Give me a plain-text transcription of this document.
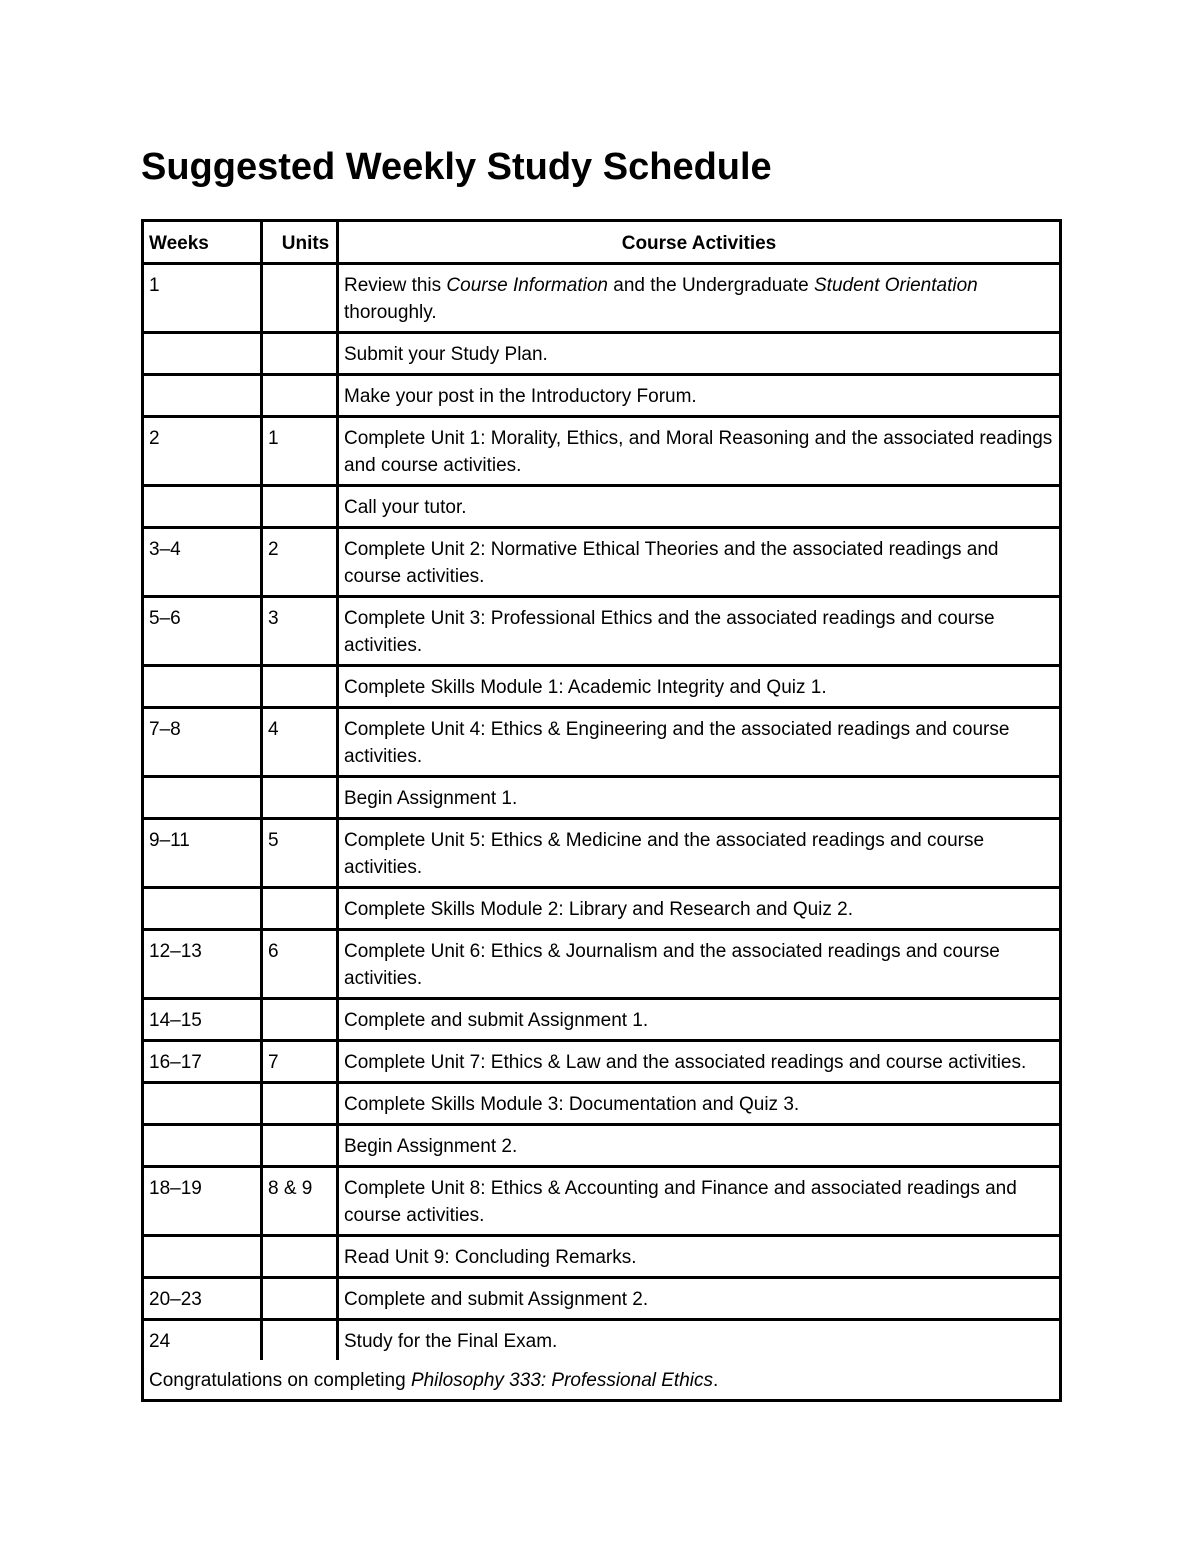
Suggested Weekly Study Schedule
Weeks	Units	Course Activities
1		Review this Course Information and the Undergraduate Student Orientation thoroughly.
		Submit your Study Plan.
		Make your post in the Introductory Forum.
2	1	Complete Unit 1: Morality, Ethics, and Moral Reasoning and the associated readings and course activities.
		Call your tutor.
3–4	2	Complete Unit 2: Normative Ethical Theories and the associated readings and course activities.
5–6	3	Complete Unit 3: Professional Ethics and the associated readings and course activities.
		Complete Skills Module 1: Academic Integrity and Quiz 1.
7–8	4	Complete Unit 4: Ethics & Engineering and the associated readings and course activities.
		Begin Assignment 1.
9–11	5	Complete Unit 5: Ethics & Medicine and the associated readings and course activities.
		Complete Skills Module 2: Library and Research and Quiz 2.
12–13	6	Complete Unit 6: Ethics & Journalism and the associated readings and course activities.
14–15		Complete and submit Assignment 1.
16–17	7	Complete Unit 7: Ethics & Law and the associated readings and course activities.
		Complete Skills Module 3: Documentation and Quiz 3.
		Begin Assignment 2.
18–19	8 & 9	Complete Unit 8: Ethics & Accounting and Finance and associated readings and course activities.
		Read Unit 9: Concluding Remarks.
20–23		Complete and submit Assignment 2.
24		Study for the Final Exam.
Congratulations on completing Philosophy 333: Professional Ethics.		
